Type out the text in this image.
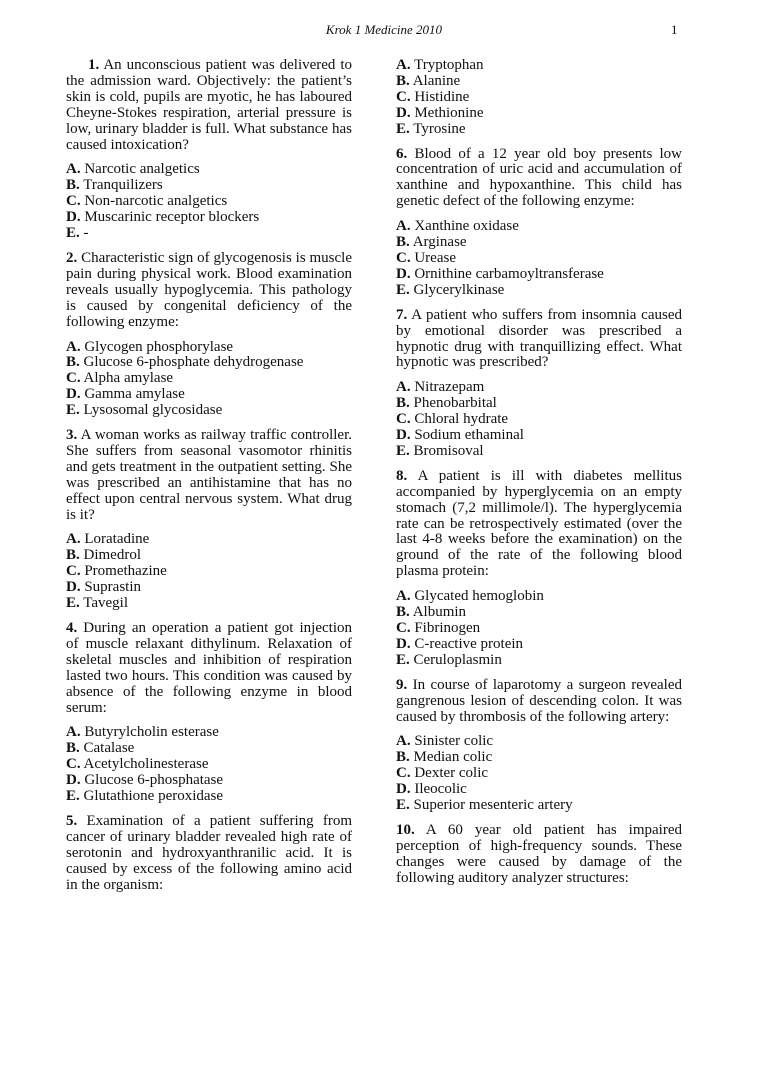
Krok 1 Medicine 2010	1

1. An unconscious patient was delivered to the admission ward. Objectively: the patient’s skin is cold, pupils are myotic, he has laboured Cheyne-Stokes respiration, arterial pressure is low, urinary bladder is full. What substance has caused intoxication?

A. Narcotic analgetics
B. Tranquilizers
C. Non-narcotic analgetics
D. Muscarinic receptor blockers
E. -

2. Characteristic sign of glycogenosis is muscle pain during physical work. Blood examination reveals usually hypoglycemia. This pathology is caused by congenital deficiency of the following enzyme:

A. Glycogen phosphorylase
B. Glucose 6-phosphate dehydrogenase
C. Alpha amylase
D. Gamma amylase
E. Lysosomal glycosidase

3. A woman works as railway traffic controller. She suffers from seasonal vasomotor rhinitis and gets treatment in the outpatient setting. She was prescribed an antihistamine that has no effect upon central nervous system. What drug is it?

A. Loratadine
B. Dimedrol
C. Promethazine
D. Suprastin
E. Tavegil

4. During an operation a patient got injection of muscle relaxant dithylinum. Relaxation of skeletal muscles and inhibition of respiration lasted two hours. This condition was caused by absence of the following enzyme in blood serum:

A. Butyrylcholin esterase
B. Catalase
C. Acetylcholinesterase
D. Glucose 6-phosphatase
E. Glutathione peroxidase

5. Examination of a patient suffering from cancer of urinary bladder revealed high rate of serotonin and hydroxyanthranilic acid. It is caused by excess of the following amino acid in the organism:

A. Tryptophan
B. Alanine
C. Histidine
D. Methionine
E. Tyrosine

6. Blood of a 12 year old boy presents low concentration of uric acid and accumulation of xanthine and hypoxanthine. This child has genetic defect of the following enzyme:

A. Xanthine oxidase
B. Arginase
C. Urease
D. Ornithine carbamoyltransferase
E. Glycerylkinase

7. A patient who suffers from insomnia caused by emotional disorder was prescribed a hypnotic drug with tranquillizing effect. What hypnotic was prescribed?

A. Nitrazepam
B. Phenobarbital
C. Chloral hydrate
D. Sodium ethaminal
E. Bromisoval

8. A patient is ill with diabetes mellitus accompanied by hyperglycemia on an empty stomach (7,2 millimole/l). The hyperglycemia rate can be retrospectively estimated (over the last 4-8 weeks before the examination) on the ground of the rate of the following blood plasma protein:

A. Glycated hemoglobin
B. Albumin
C. Fibrinogen
D. C-reactive protein
E. Ceruloplasmin

9. In course of laparotomy a surgeon revealed gangrenous lesion of descending colon. It was caused by thrombosis of the following artery:

A. Sinister colic
B. Median colic
C. Dexter colic
D. Ileocolic
E. Superior mesenteric artery

10. A 60 year old patient has impaired perception of high-frequency sounds. These changes were caused by damage of the following auditory analyzer structures:
